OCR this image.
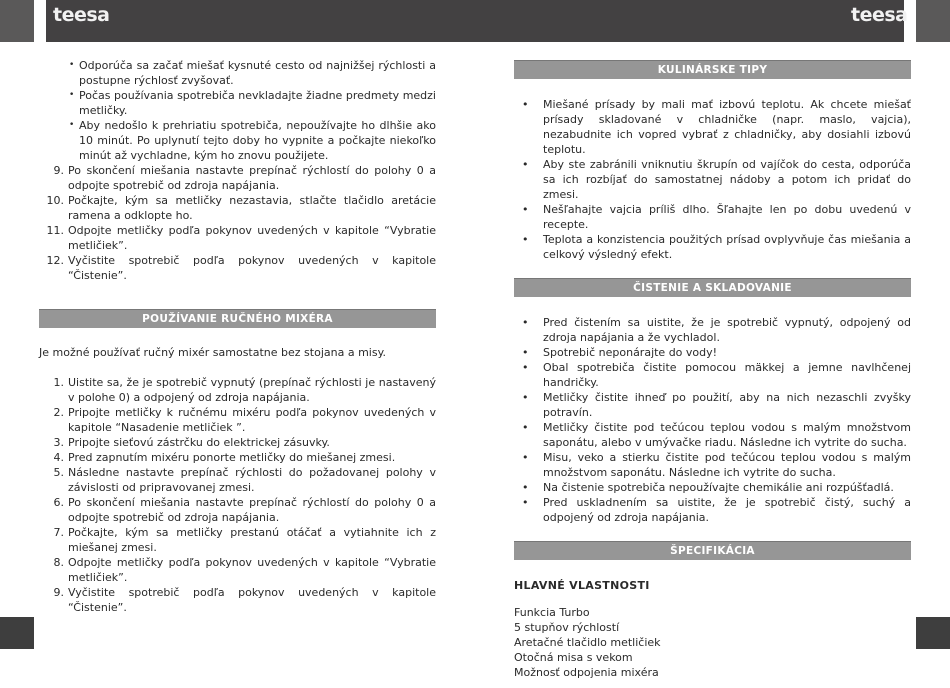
teesa	teesa
• Odporúča sa začať miešať kysnuté cesto od najnižšej rýchlosti a postupne rýchlosť zvyšovať.
• Počas používania spotrebiča nevkladajte žiadne predmety medzi metličky.
• Aby nedošlo k prehriatiu spotrebiča, nepoužívajte ho dlhšie ako 10 minút. Po uplynutí tejto doby ho vypnite a počkajte niekoľko minút až vychladne, kým ho znovu použijete.
9. Po skončení miešania nastavte prepínač rýchlostí do polohy 0 a odpojte spotrebič od zdroja napájania.
10. Počkajte, kým sa metličky nezastavia, stlačte tlačidlo aretácie ramena a odklopte ho.
11. Odpojte metličky podľa pokynov uvedených v kapitole “Vybratie metličiek”.
12. Vyčistite spotrebič podľa pokynov uvedených v kapitole “Čistenie”.
POUŽÍVANIE RUČNÉHO MIXÉRA

Je možné používať ručný mixér samostatne bez stojana a misy.

1. Uistite sa, že je spotrebič vypnutý (prepínač rýchlosti je nastavený v polohe 0) a odpojený od zdroja napájania.
2. Pripojte metličky k ručnému mixéru podľa pokynov uvedených v kapitole “Nasadenie metličiek ”.
3. Pripojte sieťovú zástrčku do elektrickej zásuvky.
4. Pred zapnutím mixéru ponorte metličky do miešanej zmesi.
5. Následne nastavte prepínač rýchlosti do požadovanej polohy v závislosti od pripravovanej zmesi.
6. Po skončení miešania nastavte prepínač rýchlostí do polohy 0 a odpojte spotrebič od zdroja napájania.
7. Počkajte, kým sa metličky prestanú otáčať a vytiahnite ich z miešanej zmesi.
8. Odpojte metličky podľa pokynov uvedených v kapitole “Vybratie metličiek”.
9. Vyčistite spotrebič podľa pokynov uvedených v kapitole “Čistenie”.
KULINÁRSKE TIPY
• Miešané prísady by mali mať izbovú teplotu. Ak chcete miešať prísady skladované v chladničke (napr. maslo, vajcia), nezabudnite ich vopred vybrať z chladničky, aby dosiahli izbovú teplotu.
• Aby ste zabránili vniknutiu škrupín od vajíčok do cesta, odporúča sa ich rozbíjať do samostatnej nádoby a potom ich pridať do zmesi.
• Nešľahajte vajcia príliš dlho. Šľahajte len po dobu uvedenú v recepte.
• Teplota a konzistencia použitých prísad ovplyvňuje čas miešania a celkový výsledný efekt.
ČISTENIE A SKLADOVANIE
• Pred čistením sa uistite, že je spotrebič vypnutý, odpojený od zdroja napájania a že vychladol.
• Spotrebič neponárajte do vody!
• Obal spotrebiča čistite pomocou mäkkej a jemne navlhčenej handričky.
• Metličky čistite ihneď po použití, aby na nich nezaschli zvyšky potravín.
• Metličky čistite pod tečúcou teplou vodou s malým množstvom saponátu, alebo v umývačke riadu. Následne ich vytrite do sucha.
• Misu, veko a stierku čistite pod tečúcou teplou vodou s malým množstvom saponátu. Následne ich vytrite do sucha.
• Na čistenie spotrebiča nepoužívajte chemikálie ani rozpúšťadlá.
• Pred uskladnením sa uistite, že je spotrebič čistý, suchý a odpojený od zdroja napájania.
ŠPECIFIKÁCIA
HLAVNÉ VLASTNOSTI
Funkcia Turbo
5 stupňov rýchlostí
Aretačné tlačidlo metličiek
Otočná misa s vekom
Možnosť odpojenia mixéra
